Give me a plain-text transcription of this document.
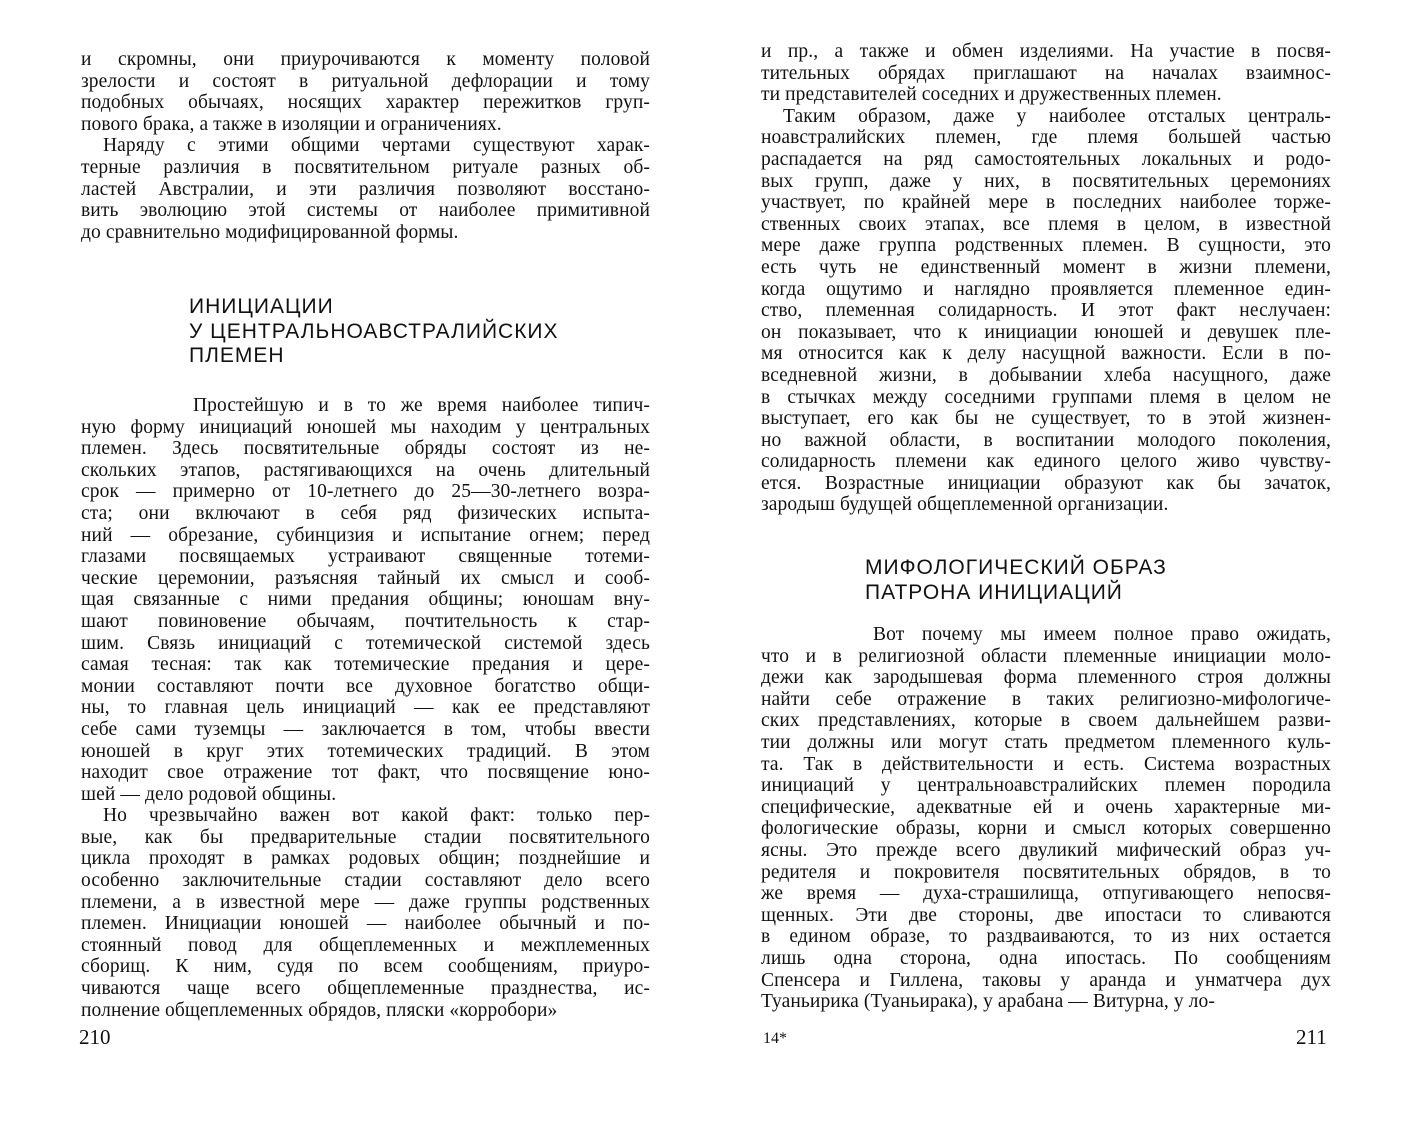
и скромны, они приурочиваются к моменту половой
зрелости и состоят в ритуальной дефлорации и тому
подобных обычаях, носящих характер пережитков груп-
пового брака, а также в изоляции и ограничениях.
Наряду с этими общими чертами существуют харак-
терные различия в посвятительном ритуале разных об-
ластей Австралии, и эти различия позволяют восстано-
вить эволюцию этой системы от наиболее примитивной
до сравнительно модифицированной формы.
ИНИЦИАЦИИ
У ЦЕНТРАЛЬНОАВСТРАЛИЙСКИХ
ПЛЕМЕН
Простейшую и в то же время наиболее типич-
ную форму инициаций юношей мы находим у центральных
племен. Здесь посвятительные обряды состоят из не-
скольких этапов, растягивающихся на очень длительный
срок — примерно от 10-летнего до 25—30-летнего возра-
ста; они включают в себя ряд физических испыта-
ний — обрезание, субинцизия и испытание огнем; перед
глазами посвящаемых устраивают священные тотеми-
ческие церемонии, разъясняя тайный их смысл и сооб-
щая связанные с ними предания общины; юношам вну-
шают повиновение обычаям, почтительность к стар-
шим. Связь инициаций с тотемической системой здесь
самая тесная: так как тотемические предания и цере-
монии составляют почти все духовное богатство общи-
ны, то главная цель инициаций — как ее представляют
себе сами туземцы — заключается в том, чтобы ввести
юношей в круг этих тотемических традиций. В этом
находит свое отражение тот факт, что посвящение юно-
шей — дело родовой общины.
Но чрезвычайно важен вот какой факт: только пер-
вые, как бы предварительные стадии посвятительного
цикла проходят в рамках родовых общин; позднейшие и
особенно заключительные стадии составляют дело всего
племени, а в известной мере — даже группы родственных
племен. Инициации юношей — наиболее обычный и по-
стоянный повод для общеплеменных и межплеменных
сборищ. К ним, судя по всем сообщениям, приуро-
чиваются чаще всего общеплеменные празднества, ис-
полнение общеплеменных обрядов, пляски «корробори»
210
и пр., а также и обмен изделиями. На участие в посвя-
тительных обрядах приглашают на началах взаимнос-
ти представителей соседних и дружественных племен.
Таким образом, даже у наиболее отсталых централь-
ноавстралийских племен, где племя большей частью
распадается на ряд самостоятельных локальных и родо-
вых групп, даже у них, в посвятительных церемониях
участвует, по крайней мере в последних наиболее торже-
ственных своих этапах, все племя в целом, в известной
мере даже группа родственных племен. В сущности, это
есть чуть не единственный момент в жизни племени,
когда ощутимо и наглядно проявляется племенное един-
ство, племенная солидарность. И этот факт неслучаен:
он показывает, что к инициации юношей и девушек пле-
мя относится как к делу насущной важности. Если в по-
вседневной жизни, в добывании хлеба насущного, даже
в стычках между соседними группами племя в целом не
выступает, его как бы не существует, то в этой жизнен-
но важной области, в воспитании молодого поколения,
солидарность племени как единого целого живо чувству-
ется. Возрастные инициации образуют как бы зачаток,
зародыш будущей общеплеменной организации.
МИФОЛОГИЧЕСКИЙ ОБРАЗ
ПАТРОНА ИНИЦИАЦИЙ
Вот почему мы имеем полное право ожидать,
что и в религиозной области племенные инициации моло-
дежи как зародышевая форма племенного строя должны
найти себе отражение в таких религиозно-мифологиче-
ских представлениях, которые в своем дальнейшем разви-
тии должны или могут стать предметом племенного куль-
та. Так в действительности и есть. Система возрастных
инициаций у центральноавстралийских племен породила
специфические, адекватные ей и очень характерные ми-
фологические образы, корни и смысл которых совершенно
ясны. Это прежде всего двуликий мифический образ уч-
редителя и покровителя посвятительных обрядов, в то
же время — духа-страшилища, отпугивающего непосвя-
щенных. Эти две стороны, две ипостаси то сливаются
в едином образе, то раздваиваются, то из них остается
лишь одна сторона, одна ипостась. По сообщениям
Спенсера и Гиллена, таковы у аранда и унматчера дух
Туаньирика (Туаньирака), у арабана — Витурна, у ло-
14*	211
